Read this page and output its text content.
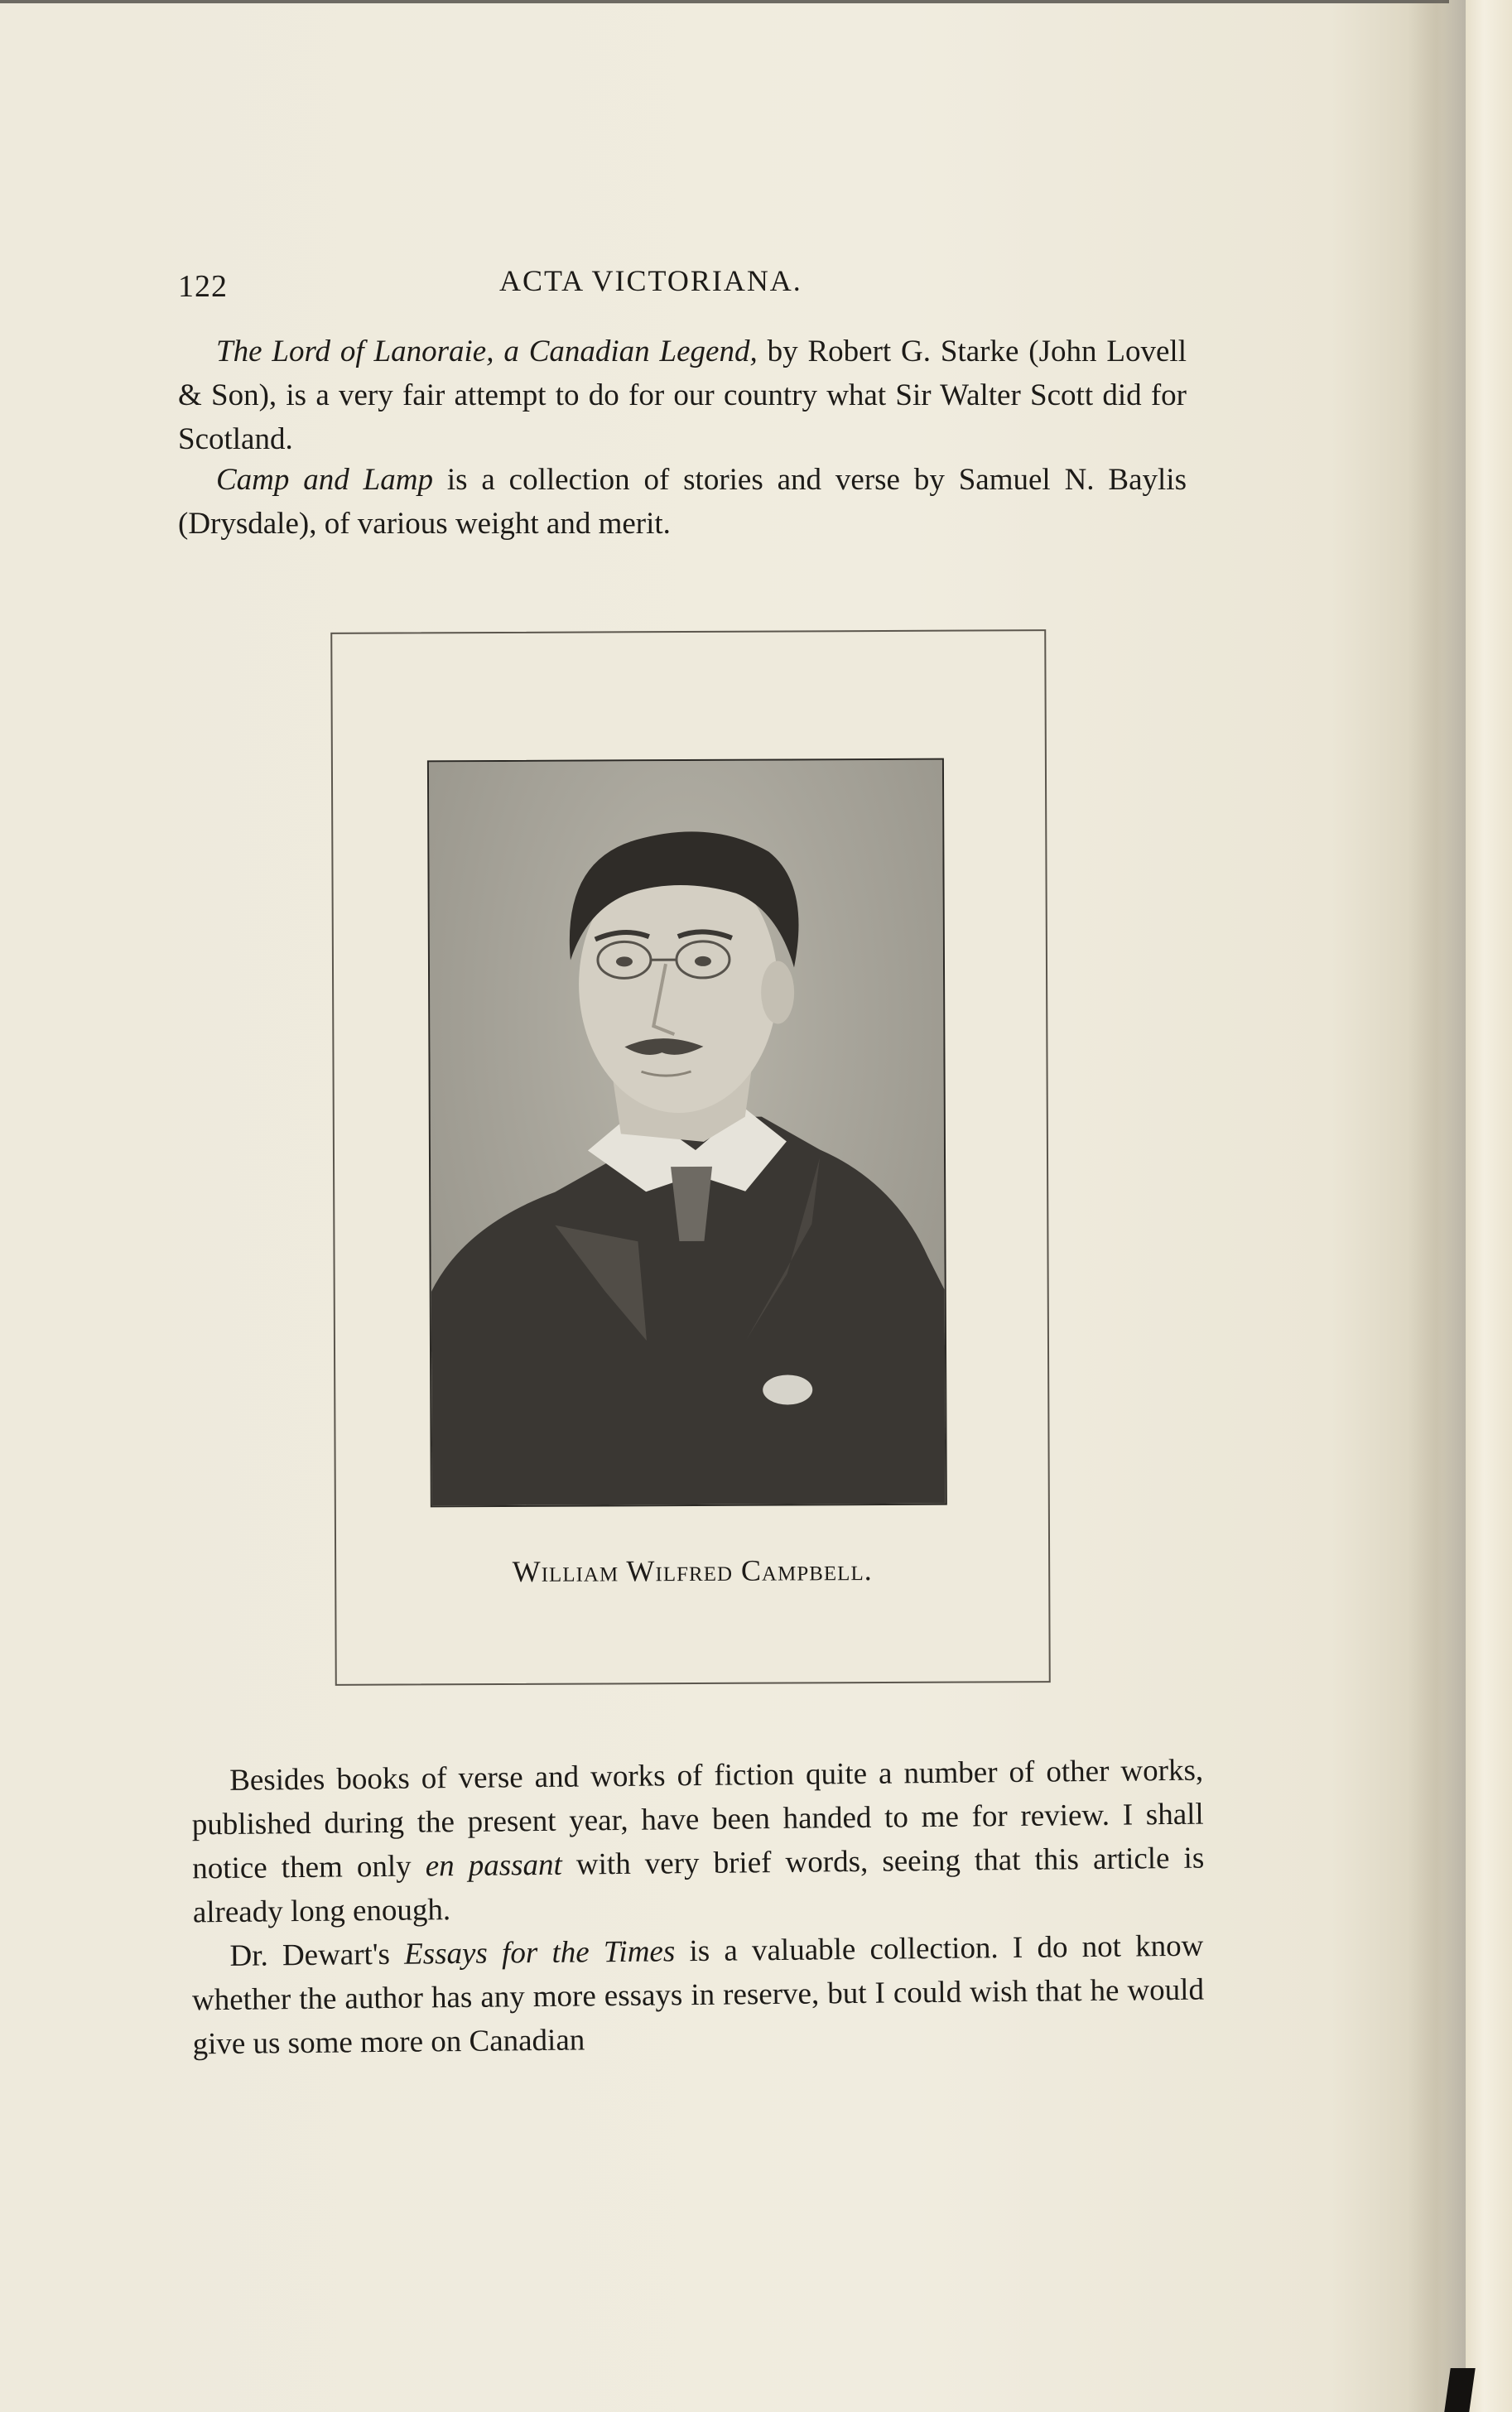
122	ACTA VICTORIANA.

The Lord of Lanoraie, a Canadian Legend, by Robert G. Starke (John Lovell & Son), is a very fair attempt to do for our country what Sir Walter Scott did for Scotland.

Camp and Lamp is a collection of stories and verse by Samuel N. Baylis (Drysdale), of various weight and merit.

William Wilfred Campbell.

Besides books of verse and works of fiction quite a number of other works, published during the present year, have been handed to me for review. I shall notice them only en passant with very brief words, seeing that this article is already long enough.

Dr. Dewart's Essays for the Times is a valuable collection. I do not know whether the author has any more essays in reserve, but I could wish that he would give us some more on Canadian
